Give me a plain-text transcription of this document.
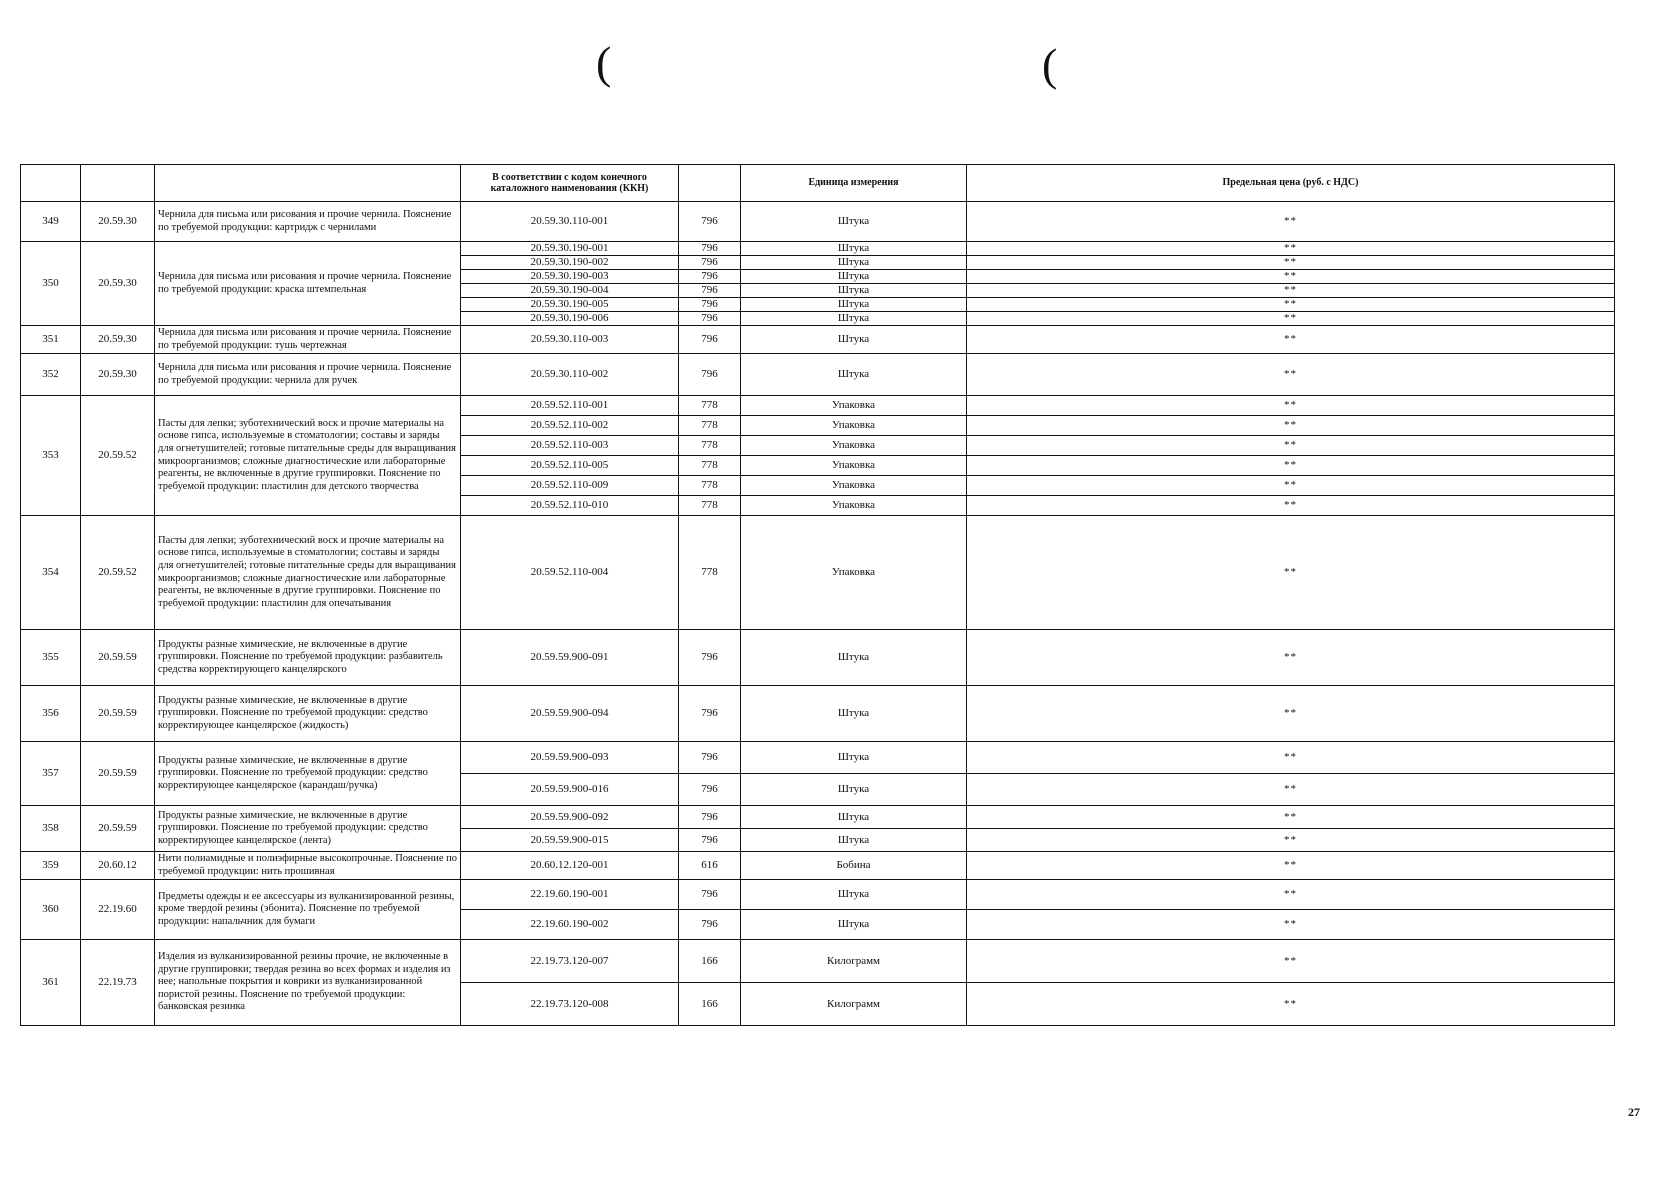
(	(
			В соответствии с кодом конечного каталожного наименования (ККН)		Единица измерения	Предельная цена (руб. с НДС)
349	20.59.30	Чернила для письма или рисования и прочие чернила. Пояснение по требуемой продукции: картридж с чернилами	20.59.30.110-001	796	Штука	**
350	20.59.30	Чернила для письма или рисования и прочие чернила. Пояснение по требуемой продукции: краска штемпельная	20.59.30.190-001	796	Штука	**
			20.59.30.190-002	796	Штука	**
			20.59.30.190-003	796	Штука	**
			20.59.30.190-004	796	Штука	**
			20.59.30.190-005	796	Штука	**
			20.59.30.190-006	796	Штука	**
351	20.59.30	Чернила для письма или рисования и прочие чернила. Пояснение по требуемой продукции: тушь чертежная	20.59.30.110-003	796	Штука	**
352	20.59.30	Чернила для письма или рисования и прочие чернила. Пояснение по требуемой продукции: чернила для ручек	20.59.30.110-002	796	Штука	**
353	20.59.52	Пасты для лепки; зуботехнический воск и прочие материалы на основе гипса, используемые в стоматологии; составы и заряды для огнетушителей; готовые питательные среды для выращивания микроорганизмов; сложные диагностические или лабораторные реагенты, не включенные в другие группировки. Пояснение по требуемой продукции: пластилин для детского творчества	20.59.52.110-001	778	Упаковка	**
			20.59.52.110-002	778	Упаковка	**
			20.59.52.110-003	778	Упаковка	**
			20.59.52.110-005	778	Упаковка	**
			20.59.52.110-009	778	Упаковка	**
			20.59.52.110-010	778	Упаковка	**
354	20.59.52	Пасты для лепки; зуботехнический воск и прочие материалы на основе гипса, используемые в стоматологии; составы и заряды для огнетушителей; готовые питательные среды для выращивания микроорганизмов; сложные диагностические или лабораторные реагенты, не включенные в другие группировки. Пояснение по требуемой продукции: пластилин для опечатывания	20.59.52.110-004	778	Упаковка	**
355	20.59.59	Продукты разные химические, не включенные в другие группировки. Пояснение по требуемой продукции: разбавитель средства корректирующего канцелярского	20.59.59.900-091	796	Штука	**
356	20.59.59	Продукты разные химические, не включенные в другие группировки. Пояснение по требуемой продукции: средство корректирующее канцелярское (жидкость)	20.59.59.900-094	796	Штука	**
357	20.59.59	Продукты разные химические, не включенные в другие группировки. Пояснение по требуемой продукции: средство корректирующее канцелярское (карандаш/ручка)	20.59.59.900-093	796	Штука	**
			20.59.59.900-016	796	Штука	**
358	20.59.59	Продукты разные химические, не включенные в другие группировки. Пояснение по требуемой продукции: средство корректирующее канцелярское (лента)	20.59.59.900-092	796	Штука	**
			20.59.59.900-015	796	Штука	**
359	20.60.12	Нити полиамидные и полиэфирные высокопрочные. Пояснение по требуемой продукции: нить прошивная	20.60.12.120-001	616	Бобина	**
360	22.19.60	Предметы одежды и ее аксессуары из вулканизированной резины, кроме твердой резины (эбонита). Пояснение по требуемой продукции: напальчник для бумаги	22.19.60.190-001	796	Штука	**
			22.19.60.190-002	796	Штука	**
361	22.19.73	Изделия из вулканизированной резины прочие, не включенные в другие группировки; твердая резина во всех формах и изделия из нее; напольные покрытия и коврики из вулканизированной пористой резины. Пояснение по требуемой продукции: банковская резинка	22.19.73.120-007	166	Килограмм	**
			22.19.73.120-008	166	Килограмм	**
27
